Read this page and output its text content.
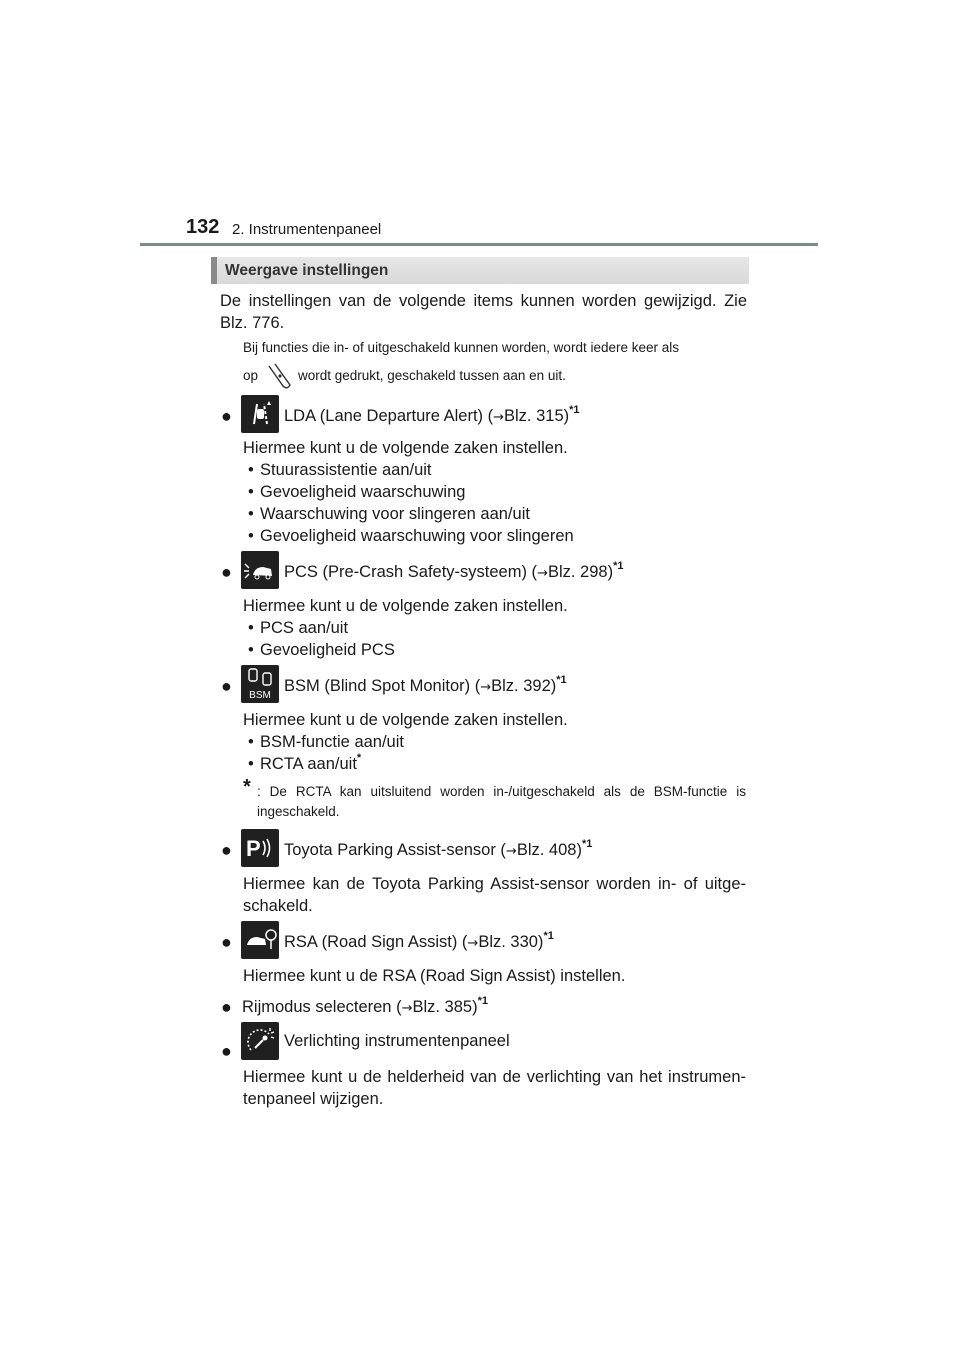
132 2. Instrumentenpaneel
Weergave instellingen
De instellingen van de volgende items kunnen worden gewijzigd. Zie Blz. 776.
Bij functies die in- of uitgeschakeld kunnen worden, wordt iedere keer als
op	wordt gedrukt, geschakeld tussen aan en uit.
●	LDA (Lane Departure Alert) (→Blz. 315)$^{*1}$
Hiermee kunt u de volgende zaken instellen.
• Stuurassistentie aan/uit
• Gevoeligheid waarschuwing
• Waarschuwing voor slingeren aan/uit
• Gevoeligheid waarschuwing voor slingeren
●	PCS (Pre-Crash Safety-systeem) (→Blz. 298)$^{*1}$
Hiermee kunt u de volgende zaken instellen.
• PCS aan/uit
• Gevoeligheid PCS
● BSM
BSM (Blind Spot Monitor) (→Blz. 392)$^{*1}$
Hiermee kunt u de volgende zaken instellen.
• BSM-functie aan/uit
• RCTA aan/uit*
* : De RCTA kan uitsluitend worden in-/uitgeschakeld als de BSM-functie is ingeschakeld.
● P Toyota Parking Assist-sensor (→Blz. 408)$^{*1}$
Hiermee kan de Toyota Parking Assist-sensor worden in- of uitge- schakeld.
●	RSA (Road Sign Assist) (→Blz. 330)$^{*1}$
Hiermee kunt u de RSA (Road Sign Assist) instellen.
● Rijmodus selecteren (→Blz. 385)$^{*1}$
●	Verlichting instrumentenpaneel
Hiermee kunt u de helderheid van de verlichting van het instrumen- tenpaneel wijzigen.
